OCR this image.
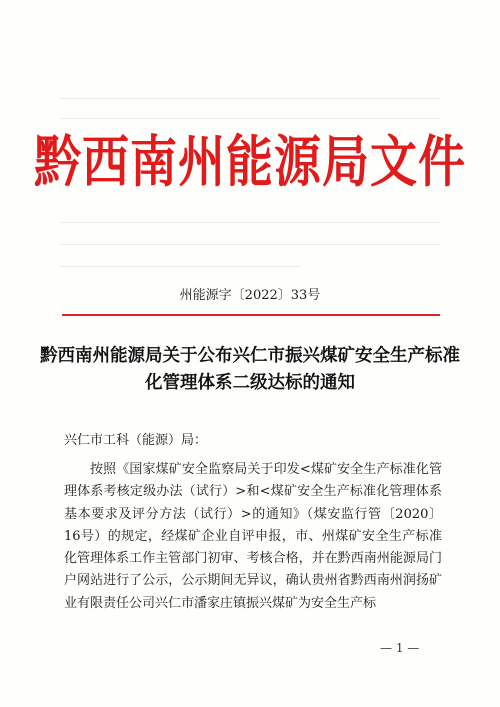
黔西南州能源局文件
州能源字〔2022〕33号
黔西南州能源局关于公布兴仁市振兴煤矿安全生产标准化管理体系二级达标的通知
兴仁市工科（能源）局：
按照《国家煤矿安全监察局关于印发<煤矿安全生产标准化管理体系考核定级办法（试行）>和<煤矿安全生产标准化管理体系基本要求及评分方法（试行）>的通知》（煤安监行管〔2020〕16号）的规定，经煤矿企业自评申报，市、州煤矿安全生产标准化管理体系工作主管部门初审、考核合格，并在黔西南州能源局门户网站进行了公示，公示期间无异议，确认贵州省黔西南州润扬矿业有限责任公司兴仁市潘家庄镇振兴煤矿为安全生产标
— 1 —
